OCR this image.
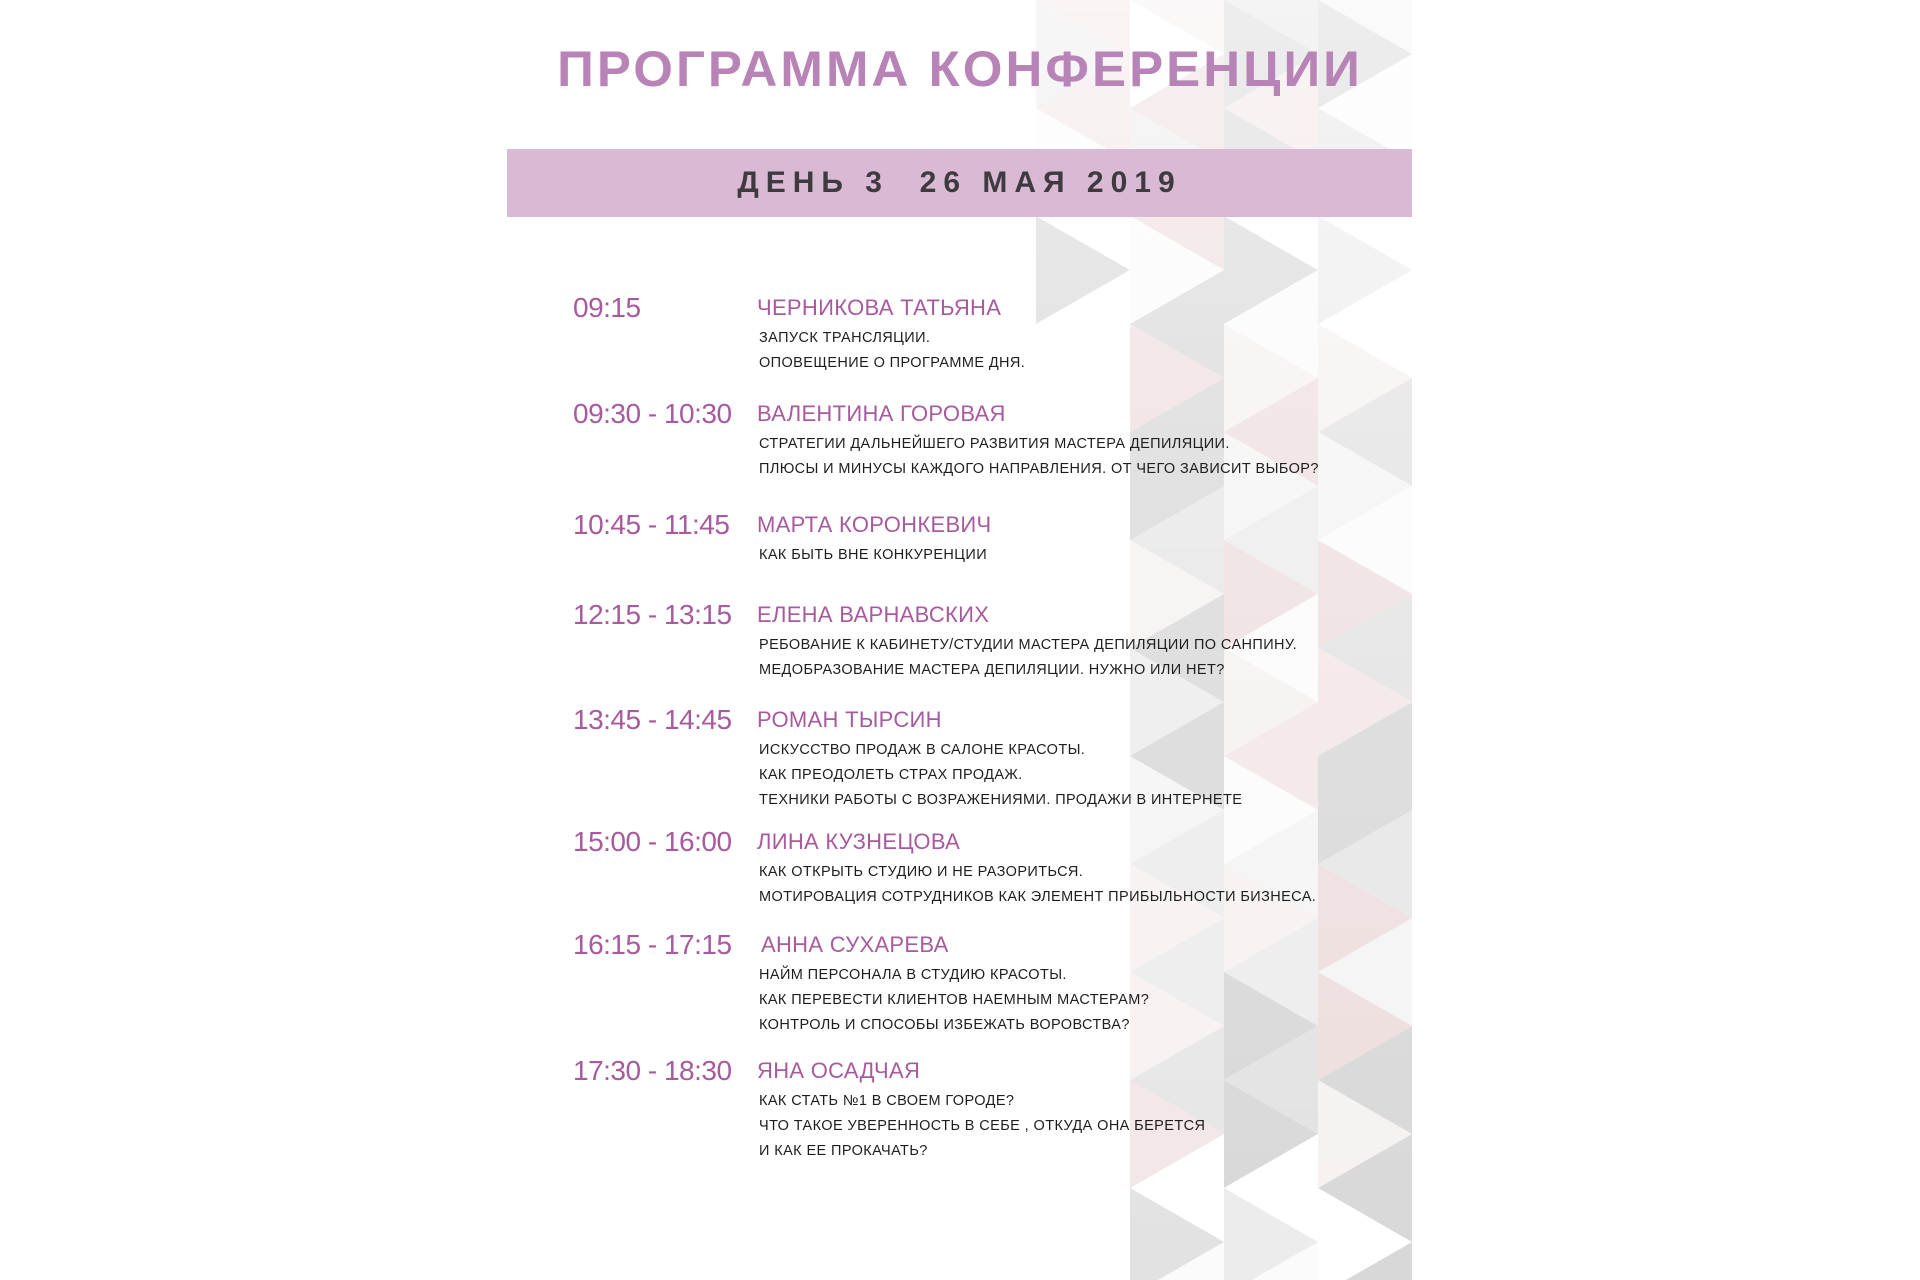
ПРОГРАММА КОНФЕРЕНЦИИ
ДЕНЬ 3  26 МАЯ 2019
09:15	ЧЕРНИКОВА ТАТЬЯНА
ЗАПУСК ТРАНСЛЯЦИИ.
ОПОВЕЩЕНИЕ О ПРОГРАММЕ ДНЯ.
09:30 - 10:30 ВАЛЕНТИНА ГОРОВАЯ
СТРАТЕГИИ ДАЛЬНЕЙШЕГО РАЗВИТИЯ МАСТЕРА ДЕПИЛЯЦИИ.
ПЛЮСЫ И МИНУСЫ КАЖДОГО НАПРАВЛЕНИЯ. ОТ ЧЕГО ЗАВИСИТ ВЫБОР?
10:45 - 11:45 МАРТА КОРОНКЕВИЧ
КАК БЫТЬ ВНЕ КОНКУРЕНЦИИ
12:15 - 13:15 ЕЛЕНА ВАРНАВСКИХ
РЕБОВАНИЕ К КАБИНЕТУ/СТУДИИ МАСТЕРА ДЕПИЛЯЦИИ ПО САНПИНУ.
МЕДОБРАЗОВАНИЕ МАСТЕРА ДЕПИЛЯЦИИ. НУЖНО ИЛИ НЕТ?
13:45 - 14:45 РОМАН ТЫРСИН
ИСКУССТВО ПРОДАЖ В САЛОНЕ КРАСОТЫ.
КАК ПРЕОДОЛЕТЬ СТРАХ ПРОДАЖ.
ТЕХНИКИ РАБОТЫ С ВОЗРАЖЕНИЯМИ. ПРОДАЖИ В ИНТЕРНЕТЕ
15:00 - 16:00 ЛИНА КУЗНЕЦОВА
КАК ОТКРЫТЬ СТУДИЮ И НЕ РАЗОРИТЬСЯ.
МОТИРОВАЦИЯ СОТРУДНИКОВ КАК ЭЛЕМЕНТ ПРИБЫЛЬНОСТИ БИЗНЕСА.
16:15 - 17:15 АННА СУХАРЕВА
НАЙМ ПЕРСОНАЛА В СТУДИЮ КРАСОТЫ.
КАК ПЕРЕВЕСТИ КЛИЕНТОВ НАЕМНЫМ МАСТЕРАМ?
КОНТРОЛЬ И СПОСОБЫ ИЗБЕЖАТЬ ВОРОВСТВА?
17:30 - 18:30 ЯНА ОСАДЧАЯ
КАК СТАТЬ №1 В СВОЕМ ГОРОДЕ?
ЧТО ТАКОЕ УВЕРЕННОСТЬ В СЕБЕ , ОТКУДА ОНА БЕРЕТСЯ
И КАК ЕЕ ПРОКАЧАТЬ?
